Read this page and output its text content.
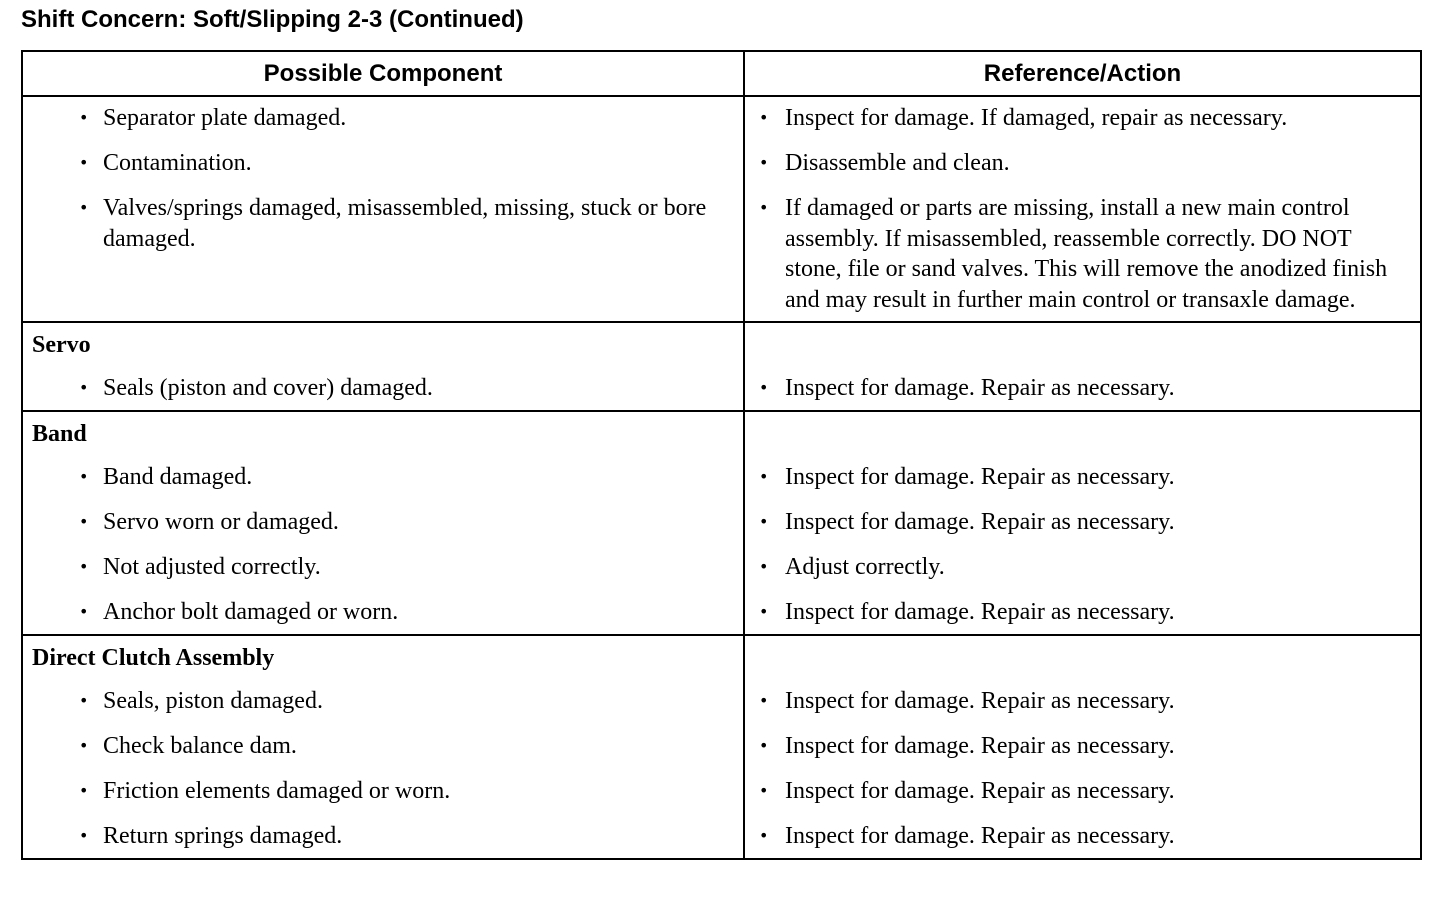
Shift Concern: Soft/Slipping 2-3 (Continued)
Possible Component	Reference/Action
• Separator plate damaged.
• Contamination.
• Valves/springs damaged, misassembled, missing, stuck or bore damaged.
• Inspect for damage. If damaged, repair as necessary.
• Disassemble and clean.
• If damaged or parts are missing, install a new main control assembly. If misassembled, reassemble correctly. DO NOT stone, file or sand valves. This will remove the anodized finish and may result in further main control or transaxle damage.
Servo
• Seals (piston and cover) damaged.	• Inspect for damage. Repair as necessary.
Band
• Band damaged.
• Servo worn or damaged.
• Not adjusted correctly.
• Anchor bolt damaged or worn.
• Inspect for damage. Repair as necessary.
• Inspect for damage. Repair as necessary.
• Adjust correctly.
• Inspect for damage. Repair as necessary.
Direct Clutch Assembly
• Seals, piston damaged.
• Check balance dam.
• Friction elements damaged or worn.
• Return springs damaged.
• Inspect for damage. Repair as necessary.
• Inspect for damage. Repair as necessary.
• Inspect for damage. Repair as necessary.
• Inspect for damage. Repair as necessary.
